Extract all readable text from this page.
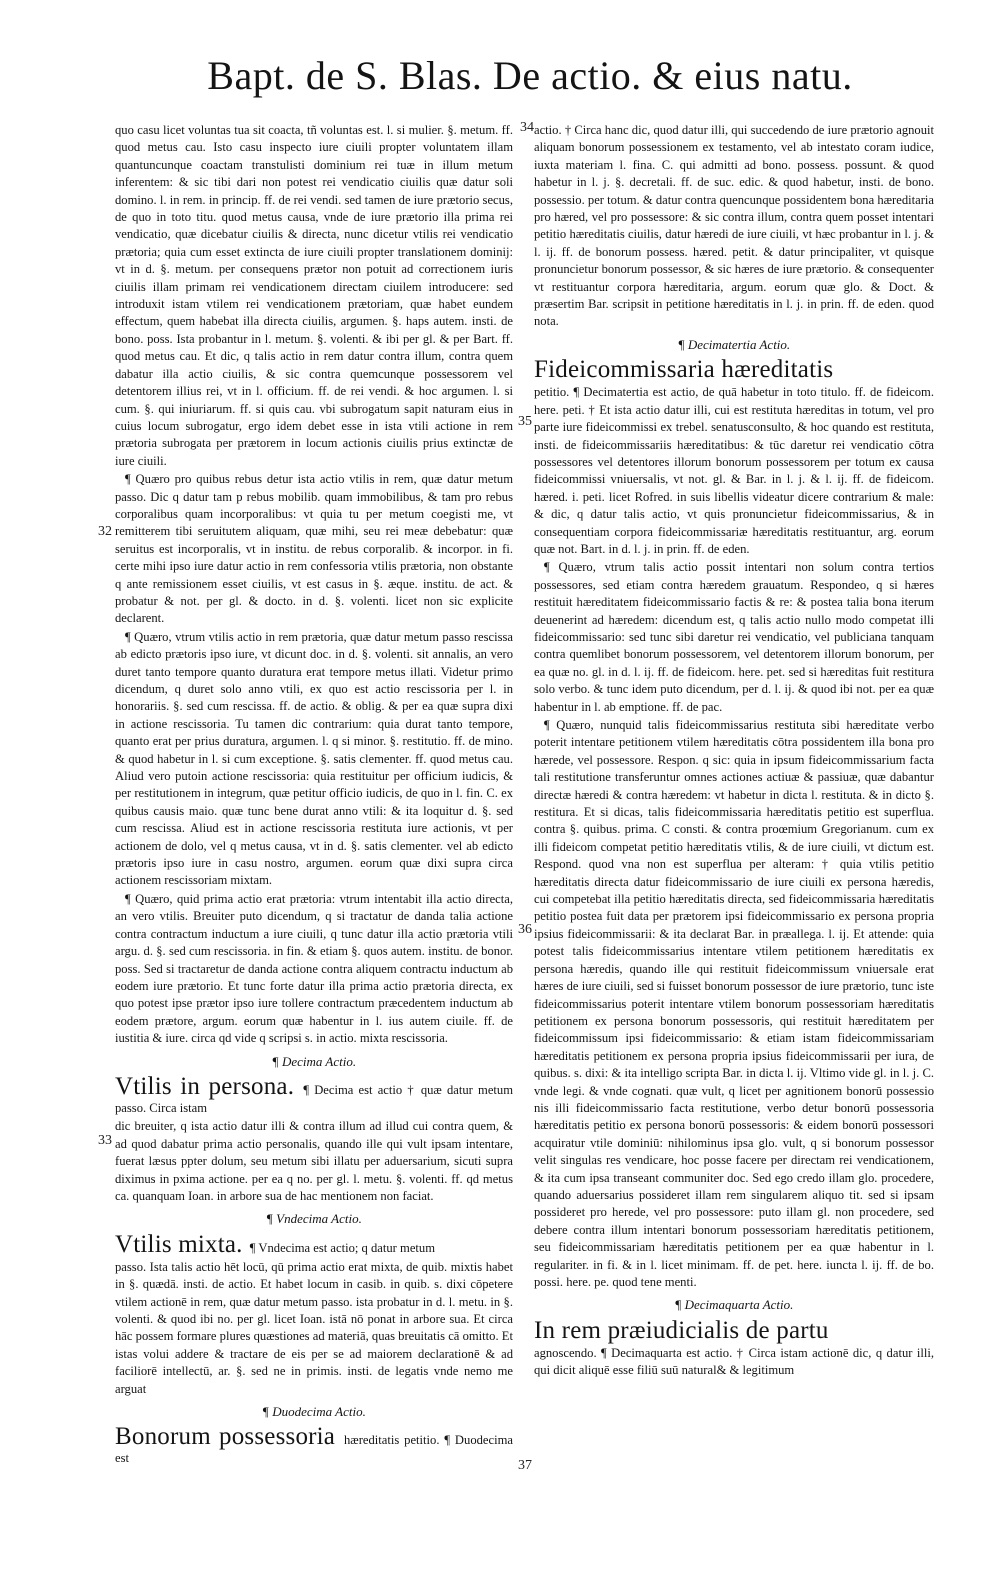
Bapt. de S. Blas. De actio. & eius natu.
34
32
35
33
36
37

quo casu licet voluntas tua sit coacta, tñ voluntas est. l. si mulier. §. metum. ff. quod metus cau. Isto casu inspecto iure ciuili propter voluntatem illam quantuncunque coactam transtulisti dominium rei tuæ in illum metum inferentem: & sic tibi dari non potest rei vendicatio ciuilis quæ datur soli domino. l. in rem. in princip. ff. de rei vendi. sed tamen de iure prætorio secus, de quo in toto titu. quod metus causa, vnde de iure prætorio illa prima rei vendicatio, quæ dicebatur ciuilis & directa, nunc dicetur vtilis rei vendicatio prætoria; quia cum esset extincta de iure ciuili propter translationem dominij: vt in d. §. metum. per consequens prætor non potuit ad correctionem iuris ciuilis illam primam rei vendicationem directam ciuilem introducere: sed introduxit istam vtilem rei vendicationem prætoriam, quæ habet eundem effectum, quem habebat illa directa ciuilis, argumen. §. haps autem. insti. de bono. poss. Ista probantur in l. metum. §. volenti. & ibi per gl. & per Bart. ff. quod metus cau. Et dic, q talis actio in rem datur contra illum, contra quem dabatur illa actio ciuilis, & sic contra quemcunque possessorem vel detentorem illius rei, vt in l. officium. ff. de rei vendi. & hoc argumen. l. si cum. §. qui iniuriarum. ff. si quis cau. vbi subrogatum sapit naturam eius in cuius locum subrogatur, ergo idem debet esse in ista vtili actione in rem prætoria subrogata per prætorem in locum actionis ciuilis prius extinctæ de iure ciuili.

¶ Quæro pro quibus rebus detur ista actio vtilis in rem, quæ datur metum passo. Dic q datur tam p rebus mobilib. quam immobilibus, & tam pro rebus corporalibus quam incorporalibus: vt quia tu per metum coegisti me, vt remitterem tibi seruitutem aliquam, quæ mihi, seu rei meæ debebatur: quæ seruitus est incorporalis, vt in institu. de rebus corporalib. & incorpor. in fi. certe mihi ipso iure datur actio in rem confessoria vtilis prætoria, non obstante q ante remissionem esset ciuilis, vt est casus in §. æque. institu. de act. & probatur & not. per gl. & docto. in d. §. volenti. licet non sic explicite declarent.

¶ Quæro, vtrum vtilis actio in rem prætoria, quæ datur metum passo rescissa ab edicto prætoris ipso iure, vt dicunt doc. in d. §. volenti. sit annalis, an vero duret tanto tempore quanto duratura erat tempore metus illati. Videtur primo dicendum, q duret solo anno vtili, ex quo est actio rescissoria per l. in honorariis. §. sed cum rescissa. ff. de actio. & oblig. & per ea quæ supra dixi in actione rescissoria. Tu tamen dic contrarium: quia durat tanto tempore, quanto erat per prius duratura, argumen. l. q si minor. §. restitutio. ff. de mino. & quod habetur in l. si cum exceptione. §. satis clementer. ff. quod metus cau. Aliud vero putoin actione rescissoria: quia restituitur per officium iudicis, & per restitutionem in integrum, quæ petitur officio iudicis, de quo in l. fin. C. ex quibus causis maio. quæ tunc bene durat anno vtili: & ita loquitur d. §. sed cum rescissa. Aliud est in actione rescissoria restituta iure actionis, vt per actionem de dolo, vel q metus causa, vt in d. §. satis clementer. vel ab edicto prætoris ipso iure in casu nostro, argumen. eorum quæ dixi supra circa actionem rescissoriam mixtam.

¶ Quæro, quid prima actio erat prætoria: vtrum intentabit illa actio directa, an vero vtilis. Breuiter puto dicendum, q si tractatur de danda talia actione contra contractum inductum a iure ciuili, q tunc datur illa actio prætoria vtili argu. d. §. sed cum rescissoria. in fin. & etiam §. quos autem. institu. de bonor. poss. Sed si tractaretur de danda actione contra aliquem contractu inductum ab eodem iure prætorio. Et tunc forte datur illa prima actio prætoria directa, ex quo potest ipse prætor ipso iure tollere contractum præcedentem inductum ab eodem prætore, argum. eorum quæ habentur in l. ius autem ciuile. ff. de iustitia & iure. circa qd vide q scripsi s. in actio. mixta rescissoria.

¶ Decima Actio.

Vtilis in persona. ¶ Decima est actio † quæ datur metum passo. Circa istam

dic breuiter, q ista actio datur illi & contra illum ad illud cui contra quem, & ad quod dabatur prima actio personalis, quando ille qui vult ipsam intentare, fuerat læsus ppter dolum, seu metum sibi illatu per aduersarium, sicuti supra diximus in pxima actione. per ea q no. per gl. l. metu. §. volenti. ff. qd metus ca. quanquam Ioan. in arbore sua de hac mentionem non faciat.

¶ Vndecima Actio.

Vtilis mixta. ¶ Vndecima est actio; q datur metum

passo. Ista talis actio hēt locū, qū prima actio erat mixta, de quib. mixtis habet in §. quædā. insti. de actio. Et habet locum in casib. in quib. s. dixi cōpetere vtilem actionē in rem, quæ datur metum passo. ista probatur in d. l. metu. in §. volenti. & quod ibi no. per gl. licet Ioan. istā nō ponat in arbore sua. Et circa hāc possem formare plures quæstiones ad materiā, quas breuitatis cā omitto. Et istas volui addere & tractare de eis per se ad maiorem declarationē & ad faciliorē intellectū, ar. §. sed ne in primis. insti. de legatis vnde nemo me arguat

¶ Duodecima Actio.

Bonorum possessoria hæreditatis petitio. ¶ Duodecima est

actio. † Circa hanc dic, quod datur illi, qui succedendo de iure prætorio agnouit aliquam bonorum possessionem ex testamento, vel ab intestato coram iudice, iuxta materiam l. fina. C. qui admitti ad bono. possess. possunt. & quod habetur in l. j. §. decretali. ff. de suc. edic. & quod habetur, insti. de bono. possessio. per totum. & datur contra quencunque possidentem bona hæreditaria pro hæred, vel pro possessore: & sic contra illum, contra quem posset intentari petitio hæreditatis ciuilis, datur hæredi de iure ciuili, vt hæc probantur in l. j. & l. ij. ff. de bonorum possess. hæred. petit. & datur principaliter, vt quisque pronuncietur bonorum possessor, & sic hæres de iure prætorio. & consequenter vt restituantur corpora hæreditaria, argum. eorum quæ glo. & Doct. & præsertim Bar. scripsit in petitione hæreditatis in l. j. in prin. ff. de eden. quod nota.

¶ Decimatertia Actio.

Fideicommissaria hæreditatis

petitio. ¶ Decimatertia est actio, de quā habetur in toto titulo. ff. de fideicom. here. peti. † Et ista actio datur illi, cui est restituta hæreditas in totum, vel pro parte iure fideicommissi ex trebel. senatusconsulto, & hoc quando est restituta, insti. de fideicommissariis hæreditatibus: & tūc daretur rei vendicatio cōtra possessores vel detentores illorum bonorum possessorem per totum ex causa fideicommissi vniuersalis, vt not. gl. & Bar. in l. j. & l. ij. ff. de fideicom. hæred. i. peti. licet Rofred. in suis libellis videatur dicere contrarium & male: & dic, q datur talis actio, vt quis pronuncietur fideicommissarius, & in consequentiam corpora fideicommissariæ hæreditatis restituantur, arg. eorum quæ not. Bart. in d. l. j. in prin. ff. de eden.

¶ Quæro, vtrum talis actio possit intentari non solum contra tertios possessores, sed etiam contra hæredem grauatum. Respondeo, q si hæres restituit hæreditatem fideicommissario factis & re: & postea talia bona iterum deuenerint ad hæredem: dicendum est, q talis actio nullo modo competat illi fideicommissario: sed tunc sibi daretur rei vendicatio, vel publiciana tanquam contra quemlibet bonorum possessorem, vel detentorem illorum bonorum, per ea quæ no. gl. in d. l. ij. ff. de fideicom. here. pet. sed si hæreditas fuit restitura solo verbo. & tunc idem puto dicendum, per d. l. ij. & quod ibi not. per ea quæ habentur in l. ab emptione. ff. de pac.

¶ Quæro, nunquid talis fideicommissarius restituta sibi hæreditate verbo poterit intentare petitionem vtilem hæreditatis cōtra possidentem illa bona pro hærede, vel possessore. Respon. q sic: quia in ipsum fideicommissarium facta tali restitutione transferuntur omnes actiones actiuæ & passiuæ, quæ dabantur directæ hæredi & contra hæredem: vt habetur in dicta l. restituta. & in dicto §. restitura. Et si dicas, talis fideicommissaria hæreditatis petitio est superflua. contra §. quibus. prima. C consti. & contra proœmium Gregorianum. cum ex illi fideicom competat petitio hæreditatis vtilis, & de iure ciuili, vt dictum est. Respond. quod vna non est superflua per alteram: † quia vtilis petitio hæreditatis directa datur fideicommissario de iure ciuili ex persona hæredis, cui competebat illa petitio hæreditatis directa, sed fideicommissaria hæreditatis petitio postea fuit data per prætorem ipsi fideicommissario ex persona propria ipsius fideicommissarii: & ita declarat Bar. in præallega. l. ij. Et attende: quia potest talis fideicommissarius intentare vtilem petitionem hæreditatis ex persona hæredis, quando ille qui restituit fideicommissum vniuersale erat hæres de iure ciuili, sed si fuisset bonorum possessor de iure prætorio, tunc iste fideicommissarius poterit intentare vtilem bonorum possessoriam hæreditatis petitionem ex persona bonorum possessoris, qui restituit hæreditatem per fideicommissum ipsi fideicommissario: & etiam istam fideicommissariam hæreditatis petitionem ex persona propria ipsius fideicommissarii per iura, de quibus. s. dixi: & ita intelligo scripta Bar. in dicta l. ij. Vltimo vide gl. in l. j. C. vnde legi. & vnde cognati. quæ vult, q licet per agnitionem bonorū possessio nis illi fideicommissario facta restitutione, verbo detur bonorū possessoria hæreditatis petitio ex persona bonorū possessoris: & eidem bonorū possessori acquiratur vtile dominiū: nihilominus ipsa glo. vult, q si bonorum possessor velit singulas res vendicare, hoc posse facere per directam rei vendicationem, & ita cum ipsa transeant communiter doc. Sed ego credo illam glo. procedere, quando aduersarius possideret illam rem singularem aliquo tit. sed si ipsam possideret pro herede, vel pro possessore: puto illam gl. non procedere, sed debere contra illum intentari bonorum possessoriam hæreditatis petitionem, seu fideicommissariam hæreditatis petitionem per ea quæ habentur in l. regulariter. in fi. & in l. licet minimam. ff. de pet. here. iuncta l. ij. ff. de bo. possi. here. pe. quod tene menti.

¶ Decimaquarta Actio.

In rem præiudicialis de partu

agnoscendo. ¶ Decimaquarta est actio. † Circa istam actionē dic, q datur illi, qui dicit aliquē esse filiū suū natural& & legitimum
